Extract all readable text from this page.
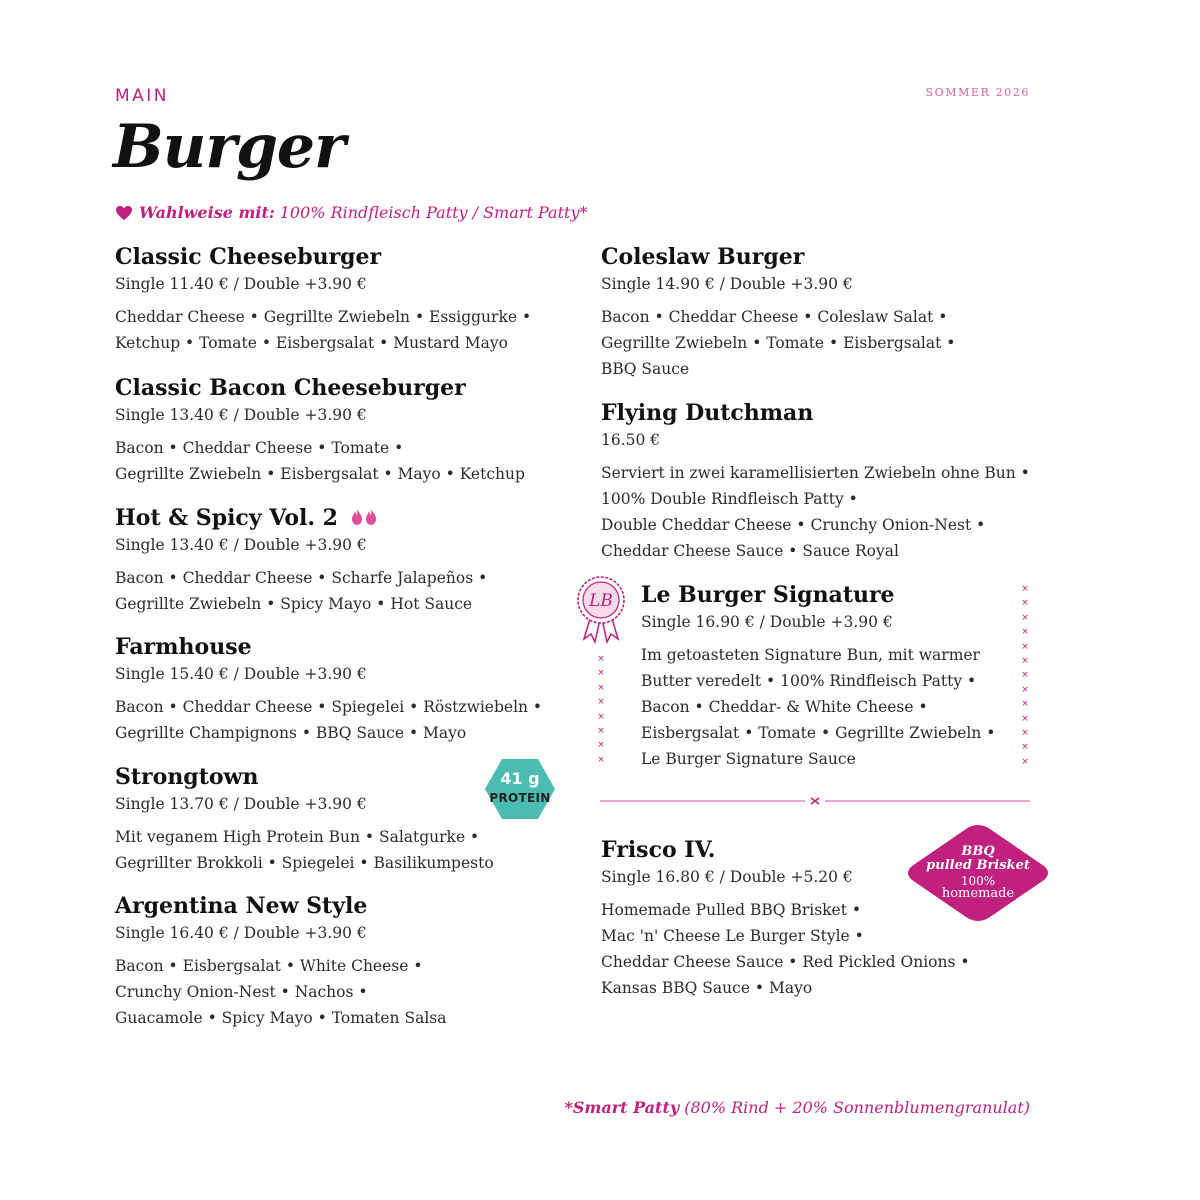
MAIN	SOMMER 2026
Burger
Wahlweise mit: 100% Rindfleisch Patty / Smart Patty*
Classic Cheeseburger
Single 11.40 € / Double +3.90 €
Cheddar Cheese • Gegrillte Zwiebeln • Essiggurke •
Ketchup • Tomate • Eisbergsalat • Mustard Mayo
Classic Bacon Cheeseburger
Single 13.40 € / Double +3.90 €
Bacon • Cheddar Cheese • Tomate •
Gegrillte Zwiebeln • Eisbergsalat • Mayo • Ketchup
Hot & Spicy Vol. 2
Single 13.40 € / Double +3.90 €
Bacon • Cheddar Cheese • Scharfe Jalapeños •
Gegrillte Zwiebeln • Spicy Mayo • Hot Sauce
Farmhouse
Single 15.40 € / Double +3.90 €
Bacon • Cheddar Cheese • Spiegelei • Röstzwiebeln •
Gegrillte Champignons • BBQ Sauce • Mayo
Strongtown
Single 13.70 € / Double +3.90 €
Mit veganem High Protein Bun • Salatgurke •
Gegrillter Brokkoli • Spiegelei • Basilikumpesto
41 g
PROTEIN
Argentina New Style
Single 16.40 € / Double +3.90 €
Bacon • Eisbergsalat • White Cheese •
Crunchy Onion-Nest • Nachos •
Guacamole • Spicy Mayo • Tomaten Salsa
Coleslaw Burger
Single 14.90 € / Double +3.90 €
Bacon • Cheddar Cheese • Coleslaw Salat •
Gegrillte Zwiebeln • Tomate • Eisbergsalat •
BBQ Sauce
Flying Dutchman
16.50 €
Serviert in zwei karamellisierten Zwiebeln ohne Bun •
100% Double Rindfleisch Patty •
Double Cheddar Cheese • Crunchy Onion-Nest •
Cheddar Cheese Sauce • Sauce Royal
LB
×
×
×
×
×
×
×
×
×
×
×
×
×
×
×
×
×
×
×
×
×
Le Burger Signature
Single 16.90 € / Double +3.90 €
Im getoasteten Signature Bun, mit warmer
Butter veredelt • 100% Rindfleisch Patty •
Bacon • Cheddar- & White Cheese •
Eisbergsalat • Tomate • Gegrillte Zwiebeln •
Le Burger Signature Sauce
Frisco IV.
Single 16.80 € / Double +5.20 €
Homemade Pulled BBQ Brisket •
Mac 'n' Cheese Le Burger Style •
Cheddar Cheese Sauce • Red Pickled Onions •
Kansas BBQ Sauce • Mayo
BBQ
pulled Brisket
100%
homemade
*Smart Patty (80% Rind + 20% Sonnenblumengranulat)
